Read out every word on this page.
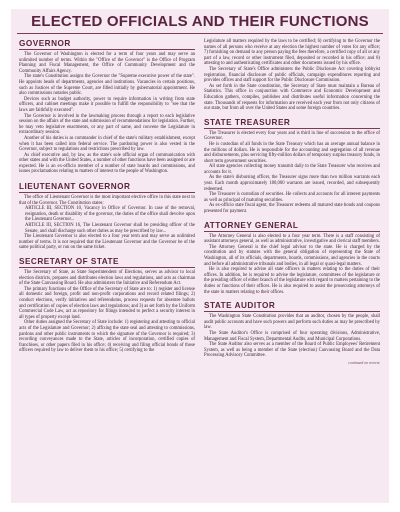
ELECTED OFFICIALS AND THEIR FUNCTIONS
GOVERNOR

The Governor of Washington is elected for a term of four years and may serve an unlimited number of terms. Within the "Office of the Governor" is the Office of Program Planning and Fiscal Management, the Office of Community Development and the Community Affairs Agency.

The state's Constitution assigns the Governor the "Supreme executive power of the state". He appoints heads of departments, agencies and institutions. Vacancies in certain positions, such as Justices of the Supreme Court, are filled initially by gubernatorial appointment. He also commissions notaries public.

Devices such as budget authority, power to require information in writing from state officers, and cabinet meetings make it possible to fulfill the responsibility to "see that the laws are faithfully executed".

The Governor is involved in the lawmaking process through a report to each legislative session on the affairs of the state and submission of recommendations for legislation. Further, he may veto legislative enactments, or any part of same, and convene the Legislature in extraordinary session.

Another of his duties is as commander in chief of the state's military establishment, except when it has been called into federal service. The pardoning power is also vested in the Governor, subject to regulations and restrictions prescribed by law.

As chief executive and, by law, as the state's sole official organ of communication with other states and with the United States, a number of other functions have been assigned or are expected. He is an ex-officio member of a number of state boards and commissions, and issues proclamations relating to matters of interest to the people of Washington.

LIEUTENANT GOVERNOR

The office of Lieutenant Governor is the most important elective office in this state next to that of the Governor. The Constitution states:

ARTICLE III, SECTION 10, Vacancy in Office of Governor. In case of the removal, resignation, death or disability of the governor, the duties of the office shall devolve upon the Lieutenant Governor...

ARTICLE III, SECTION 16, The Lieutenant Governor shall be presiding officer of the Senate, and shall discharge such other duties as may be prescribed by law...

The Lieutenant Governor is also elected to a four year term and may serve an unlimited number of terms. It is not required that the Lieutenant Governor and the Governor be of the same political party, or run on the same ticket.

SECRETARY OF STATE

The Secretary of State, as State Superintendent of Elections, serves as advisor to local election districts, prepares and distributes election laws and regulations, and acts as chairman of the State Canvassing Board. He also administers the Initiative and Referendum Act.

The primary functions of the Office of the Secretary of State are to: 1) register and license all domestic and foreign, profit and non-profit corporations and record related filings; 2) conduct elections, verify initiatives and referendums, process requests for absentee ballots and certification of copies of election laws and regulations; and 3) as set forth by the Uniform Commercial Code Law, act as repository for filings intended to perfect a security interest in all types of property except land.

Other duties assigned the Secretary of State include: 1) registering and attesting to official acts of the Legislature and Governor; 2) affixing the state seal and attesting to commissions, pardons and other public instruments to which the signature of the Governor is required; 3) recording conveyances made to the State, articles of incorporation, certified copies of franchises, or other papers filed in his office; 4) receiving and filing official bonds of those officers required by law to deliver them to his office; 5) certifying to the

Legislature all matters required by the laws to be certified; 6) certifying to the Governor the names of all persons who receive at any election the highest number of votes for any office; 7) furnishing on demand to any person paying the fees therefore, a certified copy of all or any part of a law, record or other instrument filed, deposited or recorded in his office; and 8) attesting to and authenticating certificates and other documents issued by his office.

The Secretary of State's Office administers the Public Disclosure Act covering lobbyist registration, financial disclosure of public officials, campaign expenditures reporting and provides offices and staff support for the Public Disclosure Commission.

As set forth in the State constitution, the Secretary of State must maintain a Bureau of Statistics. This office in conjunction with Commerce and Economic Development and Education gathers, compiles, publishes and distributes useful information concerning the state. Thousands of requests for information are received each year from not only citizens of our state, but from all over the United States and some foreign countries.

STATE TREASURER

The Treasurer is elected every four years and is third in line of succession to the office of Governor.

He is custodian of all funds in the State Treasury which has an average annual balance in the millions of dollars. He is responsible for the accounting and segregation of all revenue and disbursements, plus servicing fifty-million dollars of temporary surplus treasury funds, in short term government securities.

All state agencies collecting money transmit daily to the State Treasurer who receives and accounts for it.

As the state's disbursing officer, the Treasurer signs more than two million warrants each year. Each month approximately 180,000 warrants are issued, recorded, and subsequently redeemed.

The Treasurer is custodian of securities. He collects and accounts for all interest payments as well as principal of maturing securities.

As ex-officio state fiscal agent, the Treasurer redeems all matured state bonds and coupons presented for payment.

ATTORNEY GENERAL

The Attorney General is also elected to a four year term. There is a staff consisting of assistant attorneys general, as well as administrative, investigative and clerical staff members.

The Attorney General is the chief legal advisor to the state. He is charged by the constitution and by statutes with the general obligation of representing the State of Washington, all of its officials, departments, boards, commissions, and agencies in the courts and before all administrative tribunals and bodies, in all legal or quasi-legal matters.

He is also required to advise all state officers in matters relating to the duties of their offices. In addition, he is required to advise the legislature, committees of the legislature or the presiding officer of either branch of the legislature with regard to matters pertaining to the duties or functions of their offices. He is also required to assist the prosecuting attorneys of the state in matters relating to their offices.

STATE AUDITOR

The Washington State Constitution provides that an auditor, chosen by the people, shall audit public accounts and have such powers and perform such duties as may be prescribed by law.

The State Auditor's Office is comprised of four operating divisions, Administrative, Management and Fiscal System, Departmental Audits, and Municipal Corporations.

The State Auditor also serves as a member of the Board of Public Employees' Retirement System, as well as being a member of the State (election) Canvassing Board and the Data Processing Advisory Committee.

continued on reverse
